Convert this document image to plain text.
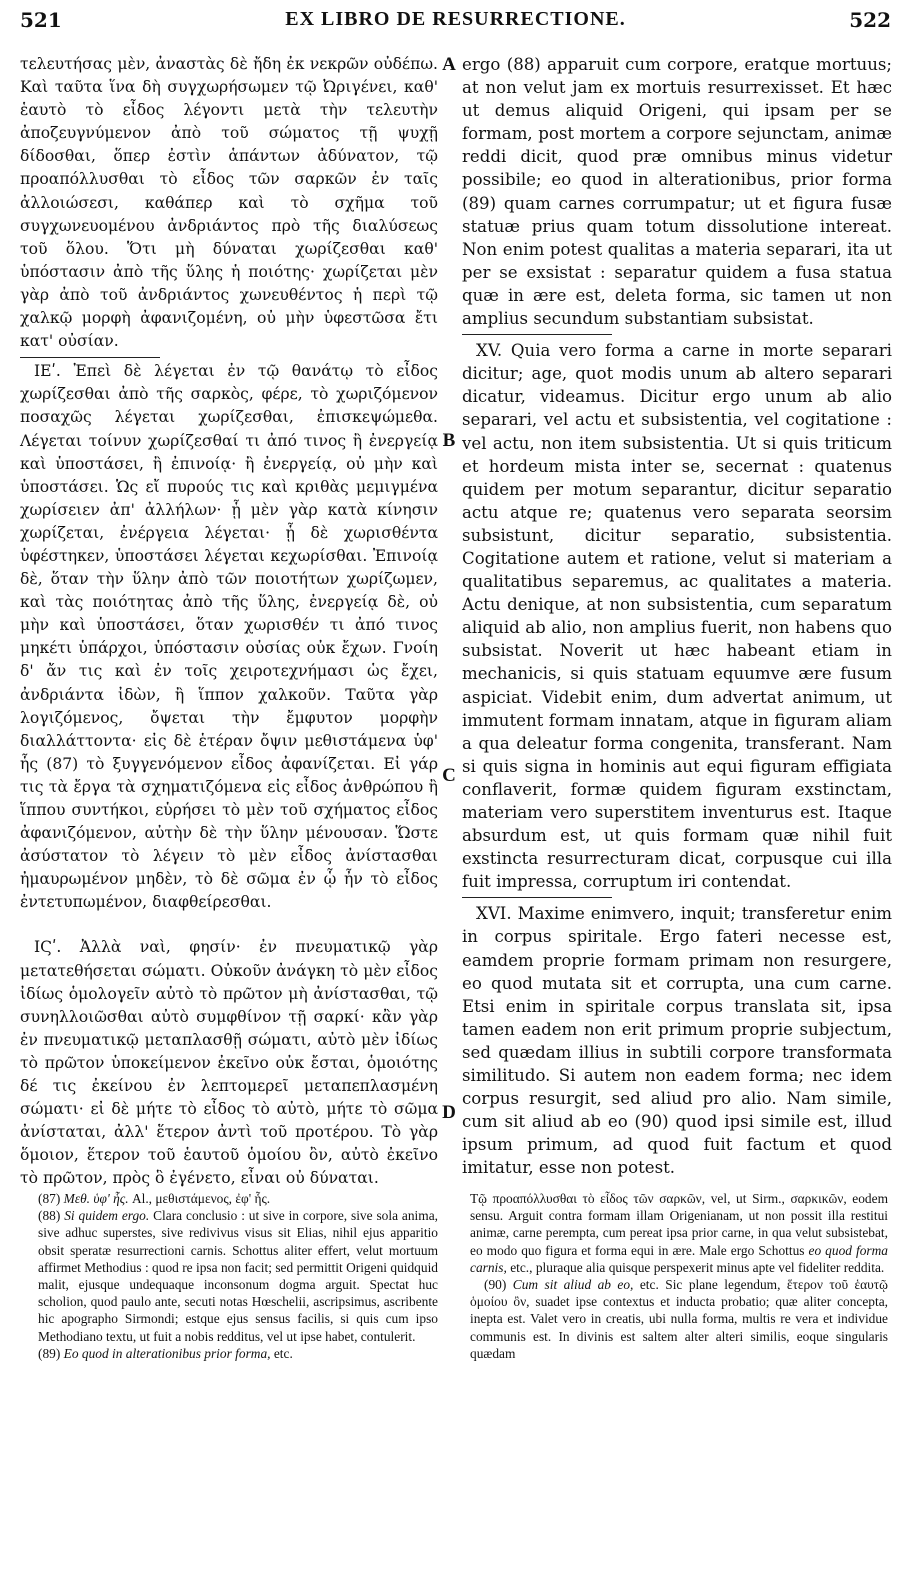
521	EX LIBRO DE RESURRECTIONE.	522

τελευτήσας μὲν, ἀναστὰς δὲ ἤδη ἐκ νεκρῶν οὐδέπω. Καὶ ταῦτα ἵνα δὴ συγχωρήσωμεν τῷ Ὠριγένει, καθ' ἑαυτὸ τὸ εἶδος λέγοντι μετὰ τὴν τελευτὴν ἀποζευγνύμενον ἀπὸ τοῦ σώματος τῇ ψυχῇ δίδοσθαι, ὅπερ ἐστὶν ἁπάντων ἀδύνατον, τῷ προαπόλλυσθαι τὸ εἶδος τῶν σαρκῶν ἐν ταῖς ἀλλοιώσεσι, καθάπερ καὶ τὸ σχῆμα τοῦ συγχωνευομένου ἀνδριάντος πρὸ τῆς διαλύσεως τοῦ ὅλου. Ὅτι μὴ δύναται χωρίζεσθαι καθ' ὑπόστασιν ἀπὸ τῆς ὕλης ἡ ποιότης· χωρίζεται μὲν γὰρ ἀπὸ τοῦ ἀνδριάντος χωνευθέντος ἡ περὶ τῷ χαλκῷ μορφὴ ἀφανιζομένη, οὐ μὴν ὑφεστῶσα ἔτι κατ' οὐσίαν.

ΙΕʹ. Ἐπεὶ δὲ λέγεται ἐν τῷ θανάτῳ τὸ εἶδος χωρίζεσθαι ἀπὸ τῆς σαρκὸς, φέρε, τὸ χωριζόμενον ποσαχῶς λέγεται χωρίζεσθαι, ἐπισκεψώμεθα. Λέγεται τοίνυν χωρίζεσθαί τι ἀπό τινος ἢ ἐνεργείᾳ καὶ ὑποστάσει, ἢ ἐπινοίᾳ· ἢ ἐνεργείᾳ, οὐ μὴν καὶ ὑποστάσει. Ὡς εἴ πυρούς τις καὶ κριθὰς μεμιγμένα χωρίσειεν ἀπ' ἀλλήλων· ᾗ μὲν γὰρ κατὰ κίνησιν χωρίζεται, ἐνέργεια λέγεται· ᾗ δὲ χωρισθέντα ὑφέστηκεν, ὑποστάσει λέγεται κεχωρίσθαι. Ἐπινοίᾳ δὲ, ὅταν τὴν ὕλην ἀπὸ τῶν ποιοτήτων χωρίζωμεν, καὶ τὰς ποιότητας ἀπὸ τῆς ὕλης, ἐνεργείᾳ δὲ, οὐ μὴν καὶ ὑποστάσει, ὅταν χωρισθέν τι ἀπό τινος μηκέτι ὑπάρχοι, ὑπόστασιν οὐσίας οὐκ ἔχων. Γνοίη δ' ἄν τις καὶ ἐν τοῖς χειροτεχνήμασι ὡς ἔχει, ἀνδριάντα ἰδὼν, ἢ ἵππον χαλκοῦν. Ταῦτα γὰρ λογιζόμενος, ὄψεται τὴν ἔμφυτον μορφὴν διαλλάττοντα· εἰς δὲ ἑτέραν ὄψιν μεθιστάμενα ὑφ' ἧς (87) τὸ ξυγγενόμενον εἶδος ἀφανίζεται. Εἰ γάρ τις τὰ ἔργα τὰ σχηματιζόμενα εἰς εἶδος ἀνθρώπου ἢ ἵππου συντήκοι, εὑρήσει τὸ μὲν τοῦ σχήματος εἶδος ἀφανιζόμενον, αὐτὴν δὲ τὴν ὕλην μένουσαν. Ὥστε ἀσύστατον τὸ λέγειν τὸ μὲν εἶδος ἀνίστασθαι ἠμαυρωμένον μηδὲν, τὸ δὲ σῶμα ἐν ᾧ ἦν τὸ εἶδος ἐντετυπωμένον, διαφθείρεσθαι.

ΙϚʹ. Ἀλλὰ ναὶ, φησίν· ἐν πνευματικῷ γὰρ μετατεθήσεται σώματι. Οὐκοῦν ἀνάγκη τὸ μὲν εἶδος ἰδίως ὁμολογεῖν αὐτὸ τὸ πρῶτον μὴ ἀνίστασθαι, τῷ συνηλλοιῶσθαι αὐτὸ συμφθίνον τῇ σαρκί· κἂν γὰρ ἐν πνευματικῷ μεταπλασθῇ σώματι, αὐτὸ μὲν ἰδίως τὸ πρῶτον ὑποκείμενον ἐκεῖνο οὐκ ἔσται, ὁμοιότης δέ τις ἐκείνου ἐν λεπτομερεῖ μεταπεπλασμένη σώματι· εἰ δὲ μήτε τὸ εἶδος τὸ αὐτὸ, μήτε τὸ σῶμα ἀνίσταται, ἀλλ' ἕτερον ἀντὶ τοῦ προτέρου. Τὸ γὰρ ὅμοιον, ἕτερον τοῦ ἑαυτοῦ ὁμοίου ὂν, αὐτὸ ἐκεῖνο τὸ πρῶτον, πρὸς ὃ ἐγένετο, εἶναι οὐ δύναται.

A
B
C
D

ergo (88) apparuit cum corpore, eratque mortuus; at non velut jam ex mortuis resurrexisset. Et hæc ut demus aliquid Origeni, qui ipsam per se formam, post mortem a corpore sejunctam, animæ reddi dicit, quod præ omnibus minus videtur possibile; eo quod in alterationibus, prior forma (89) quam carnes corrumpatur; ut et figura fusæ statuæ prius quam totum dissolutione intereat. Non enim potest qualitas a materia separari, ita ut per se exsistat : separatur quidem a fusa statua quæ in ære est, deleta forma, sic tamen ut non amplius secundum substantiam subsistat.

XV. Quia vero forma a carne in morte separari dicitur; age, quot modis unum ab altero separari dicatur, videamus. Dicitur ergo unum ab alio separari, vel actu et subsistentia, vel cogitatione : vel actu, non item subsistentia. Ut si quis triticum et hordeum mista inter se, secernat : quatenus quidem per motum separantur, dicitur separatio actu atque re; quatenus vero separata seorsim subsistunt, dicitur separatio, subsistentia. Cogitatione autem et ratione, velut si materiam a qualitatibus separemus, ac qualitates a materia. Actu denique, at non subsistentia, cum separatum aliquid ab alio, non amplius fuerit, non habens quo subsistat. Noverit ut hæc habeant etiam in mechanicis, si quis statuam equumve ære fusum aspiciat. Videbit enim, dum advertat animum, ut immutent formam innatam, atque in figuram aliam a qua deleatur forma congenita, transferant. Nam si quis signa in hominis aut equi figuram effigiata conflaverit, formæ quidem figuram exstinctam, materiam vero superstitem inventurus est. Itaque absurdum est, ut quis formam quæ nihil fuit exstincta resurrecturam dicat, corpusque cui illa fuit impressa, corruptum iri contendat.

XVI. Maxime enimvero, inquit; transferetur enim in corpus spiritale. Ergo fateri necesse est, eamdem proprie formam primam non resurgere, eo quod mutata sit et corrupta, una cum carne. Etsi enim in spiritale corpus translata sit, ipsa tamen eadem non erit primum proprie subjectum, sed quædam illius in subtili corpore transformata similitudo. Si autem non eadem forma; nec idem corpus resurgit, sed aliud pro alio. Nam simile, cum sit aliud ab eo (90) quod ipsi simile est, illud ipsum primum, ad quod fuit factum et quod imitatur, esse non potest.

(87) Μεθ. ὑφ' ἧς. Al., μεθιστάμενος, ἐφ' ἧς.

(88) Si quidem ergo. Clara conclusio : ut sive in corpore, sive sola anima, sive adhuc superstes, sive redivivus visus sit Elias, nihil ejus apparitio obsit speratæ resurrectioni carnis. Schottus aliter effert, velut mortuum affirmet Methodius : quod re ipsa non facit; sed permittit Origeni quidquid malit, ejusque undequaque inconsonum dogma arguit. Spectat huc scholion, quod paulo ante, secuti notas Hœschelii, ascripsimus, ascribente hic apographo Sirmondi; estque ejus sensus facilis, si quis cum ipso Methodiano textu, ut fuit a nobis redditus, vel ut ipse habet, contulerit.

(89) Eo quod in alterationibus prior forma, etc.

Τῷ προαπόλλυσθαι τὸ εἶδος τῶν σαρκῶν, vel, ut Sirm., σαρκικῶν, eodem sensu. Arguit contra formam illam Origenianam, ut non possit illa restitui animæ, carne perempta, cum pereat ipsa prior carne, in qua velut subsistebat, eo modo quo figura et forma equi in ære. Male ergo Schottus eo quod forma carnis, etc., pluraque alia quisque perspexerit minus apte vel fideliter reddita.

(90) Cum sit aliud ab eo, etc. Sic plane legendum, ἕτερον τοῦ ἑαυτῷ ὁμοίου ὂν, suadet ipse contextus et inducta probatio; quæ aliter concepta, inepta est. Valet vero in creatis, ubi nulla forma, multis re vera et individue communis est. In divinis est saltem alter alteri similis, eoque singularis quædam
